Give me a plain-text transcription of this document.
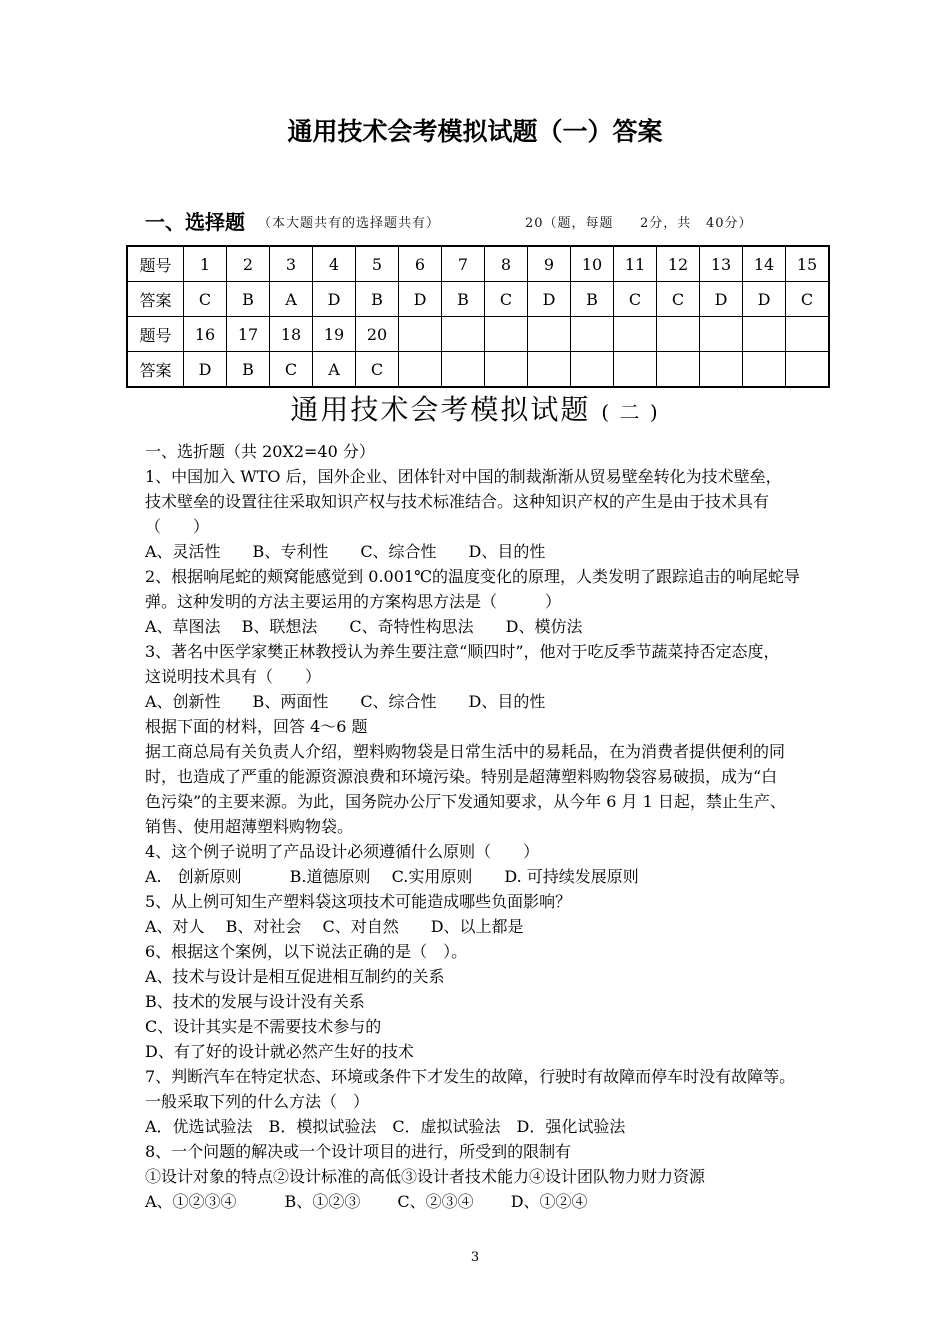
通用技术会考模拟试题（一）答案
一、选择题 （本大题共有的选择题共有）	20（题，每题 2分，共 40分）
题号	1	2	3	4	5	6	7	8	9	10	11	12	13	14	15
答案	C	B	A	D	B	D	B	C	D	B	C	C	D	D	C
题号	16	17	18	19	20										
答案	D	B	C	A	C										
通用技术会考模拟试题 ( 二 )
一、选折题（共 20X2=40 分）
1、中国加入 WTO 后，国外企业、团体针对中国的制裁渐渐从贸易壁垒转化为技术壁垒，
技术壁垒的设置往往采取知识产权与技术标准结合。这种知识产权的产生是由于技术具有
（　　）
A、灵活性　　B、专利性　　C、综合性　　D、目的性
2、根据响尾蛇的颊窝能感觉到 0.001℃的温度变化的原理，人类发明了跟踪追击的响尾蛇导
弹。这种发明的方法主要运用的方案构思方法是（　　　）
A、草图法　 B、联想法　　C、奇特性构思法　　D、模仿法
3、著名中医学家樊正林教授认为养生要注意“顺四时”，他对于吃反季节蔬菜持否定态度，
这说明技术具有（　　）
A、创新性　　B、两面性　　C、综合性　　D、目的性
根据下面的材料，回答 4～6 题
据工商总局有关负责人介绍，塑料购物袋是日常生活中的易耗品，在为消费者提供便利的同
时，也造成了严重的能源资源浪费和环境污染。特别是超薄塑料购物袋容易破损，成为“白
色污染”的主要来源。为此，国务院办公厅下发通知要求，从今年 6 月 1 日起，禁止生产、
销售、使用超薄塑料购物袋。
4、这个例子说明了产品设计必须遵循什么原则（　　）
A.　创新原则　　　B.道德原则　 C.实用原则　　D. 可持续发展原则
5、从上例可知生产塑料袋这项技术可能造成哪些负面影响？
A、对人　 B、对社会　 C、对自然　　D、以上都是
6、根据这个案例，以下说法正确的是（　）。
A、技术与设计是相互促进相互制约的关系
B、技术的发展与设计没有关系
C、设计其实是不需要技术参与的
D、有了好的设计就必然产生好的技术
7、判断汽车在特定状态、环境或条件下才发生的故障，行驶时有故障而停车时没有故障等。
一般采取下列的什么方法（　）
A．优选试验法　B．模拟试验法　C．虚拟试验法　D．强化试验法
8、一个问题的解决或一个设计项目的进行，所受到的限制有
①设计对象的特点②设计标准的高低③设计者技术能力④设计团队物力财力资源
A、①②③④　　　B、①②③　　 C、②③④　　 D、①②④
3
